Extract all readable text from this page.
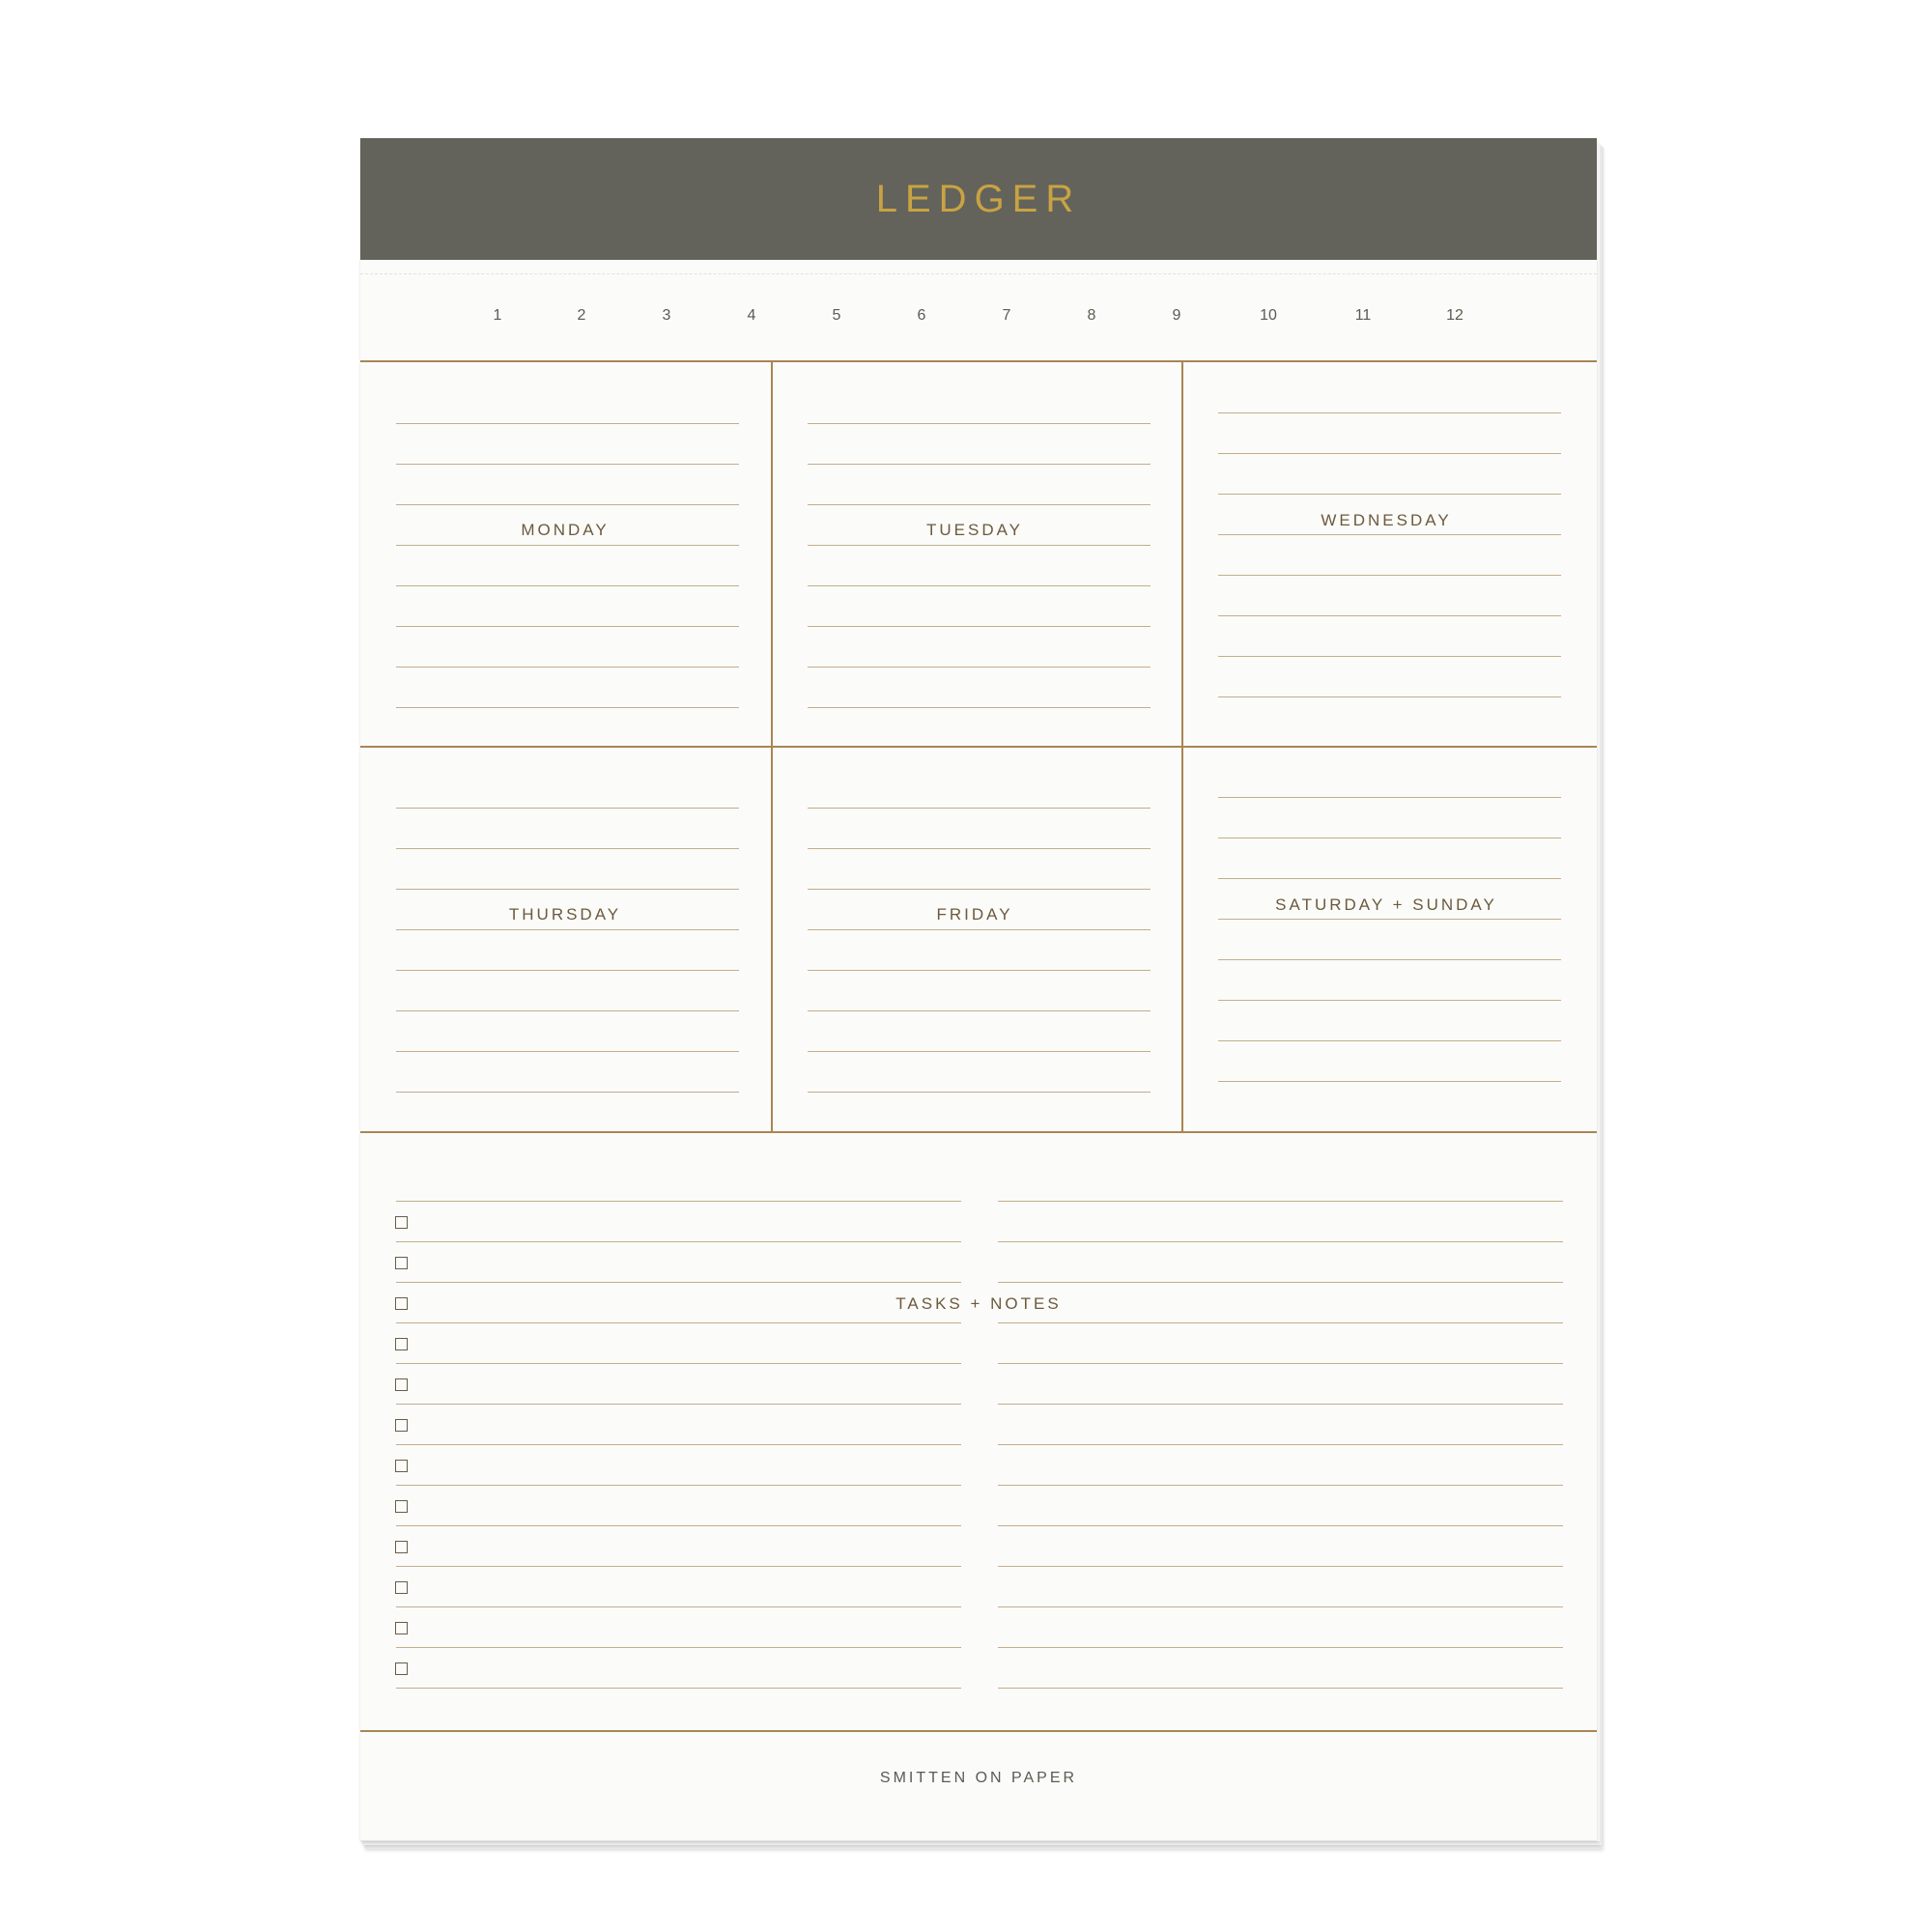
LEDGER
1	2	3	4	5	6	7	8	9	10	11	12
MONDAY	TUESDAY
WEDNESDAY
THURSDAY	FRIDAY
SATURDAY + SUNDAY
TASKS + NOTES
SMITTEN ON PAPER
